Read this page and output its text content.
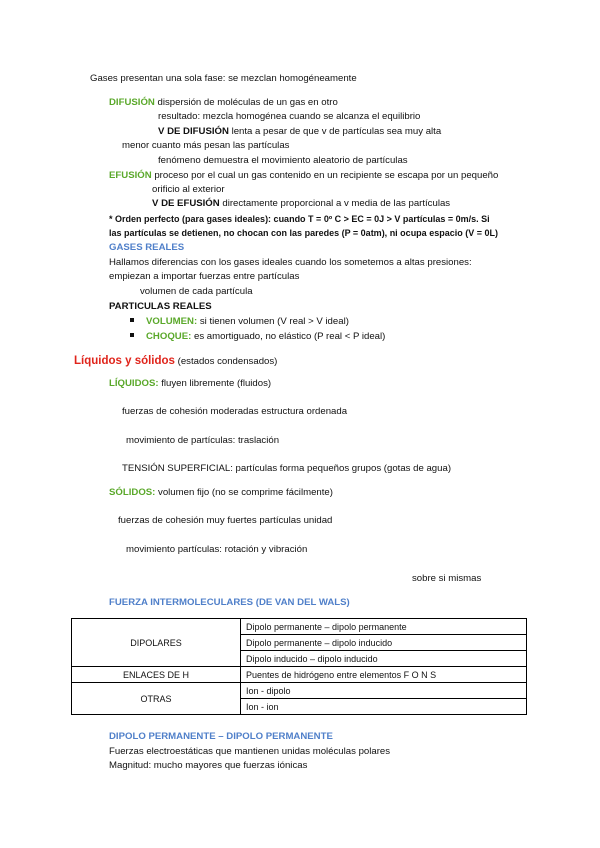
Gases presentan una sola fase: se mezclan homogéneamente
DIFUSIÓN dispersión de moléculas de un gas en otro
resultado: mezcla homogénea cuando se alcanza el equilibrio
V DE DIFUSIÓN lenta a pesar de que v de partículas sea muy alta
menor cuanto más pesan las partículas
fenómeno demuestra el movimiento aleatorio de partículas
EFUSIÓN proceso por el cual un gas contenido en un recipiente se escapa por un pequeño
orificio al exterior
V DE EFUSIÓN directamente proporcional a v media de las partículas
* Orden perfecto (para gases ideales): cuando T = 0º C > EC = 0J > V partículas = 0m/s. Si
las partículas se detienen, no chocan con las paredes (P = 0atm), ni ocupa espacio (V = 0L)
GASES REALES
Hallamos diferencias con los gases ideales cuando los sometemos a altas presiones:
empiezan a importar fuerzas entre partículas
volumen de cada partícula
PARTICULAS REALES
VOLUMEN: si tienen volumen (V real > V ideal)
CHOQUE: es amortiguado, no elástico (P real < P ideal)
Líquidos y sólidos (estados condensados)
LÍQUIDOS: fluyen libremente (fluidos)
fuerzas de cohesión moderadas estructura ordenada
movimiento de partículas: traslación
TENSIÓN SUPERFICIAL: partículas forma pequeños grupos (gotas de agua)
SÓLIDOS: volumen fijo (no se comprime fácilmente)
fuerzas de cohesión muy fuertes partículas unidad
movimiento partículas: rotación y vibración
sobre si mismas
FUERZA INTERMOLECULARES (DE VAN DEL WALS)
DIPOLARES	Dipolo permanente – dipolo permanente
	Dipolo permanente – dipolo inducido
	Dipolo inducido – dipolo inducido
ENLACES DE H	Puentes de hidrógeno entre elementos F O N S
OTRAS	Ion - dipolo
	Ion - ion
DIPOLO PERMANENTE – DIPOLO PERMANENTE
Fuerzas electroestáticas que mantienen unidas moléculas polares
Magnitud: mucho mayores que fuerzas iónicas
